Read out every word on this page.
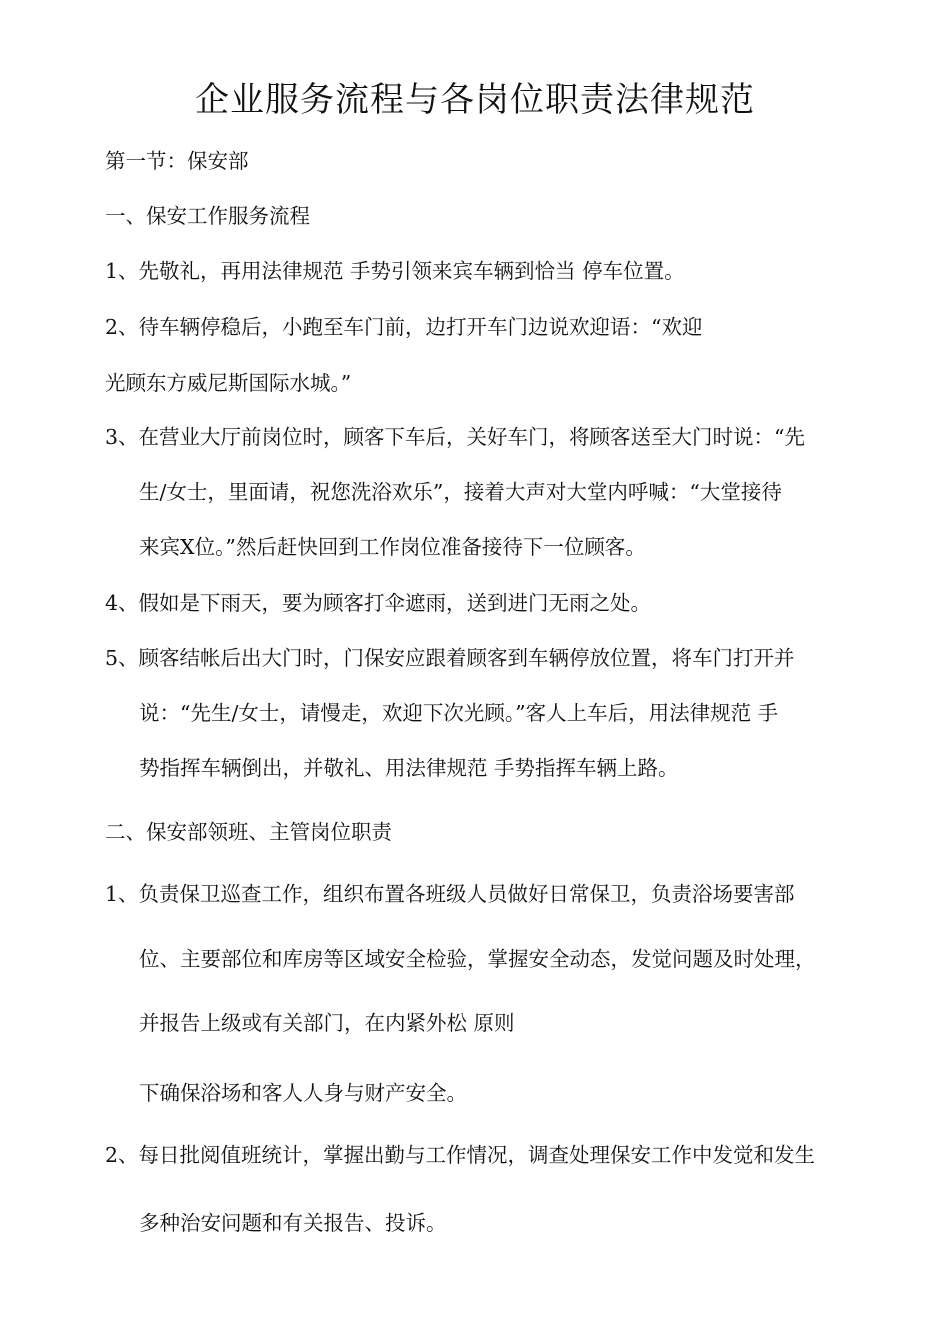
企业服务流程与各岗位职责法律规范

第一节：保安部

一、保安工作服务流程

1、先敬礼，再用法律规范 手势引领来宾车辆到恰当 停车位置。

2、待车辆停稳后，小跑至车门前，边打开车门边说欢迎语：“欢迎

光顾东方威尼斯国际水城。”

3、在营业大厅前岗位时，顾客下车后，关好车门，将顾客送至大门时说：“先

生/女士，里面请，祝您洗浴欢乐”，接着大声对大堂内呼喊：“大堂接待

来宾X位。”然后赶快回到工作岗位准备接待下一位顾客。

4、假如是下雨天，要为顾客打伞遮雨，送到进门无雨之处。

5、顾客结帐后出大门时，门保安应跟着顾客到车辆停放位置，将车门打开并

说：“先生/女士，请慢走，欢迎下次光顾。”客人上车后，用法律规范 手

势指挥车辆倒出，并敬礼、用法律规范 手势指挥车辆上路。

二、保安部领班、主管岗位职责

1、负责保卫巡查工作，组织布置各班级人员做好日常保卫，负责浴场要害部

位、主要部位和库房等区域安全检验，掌握安全动态，发觉问题及时处理，

并报告上级或有关部门，在内紧外松 原则

下确保浴场和客人人身与财产安全。

2、每日批阅值班统计，掌握出勤与工作情况，调查处理保安工作中发觉和发生

多种治安问题和有关报告、投诉。
